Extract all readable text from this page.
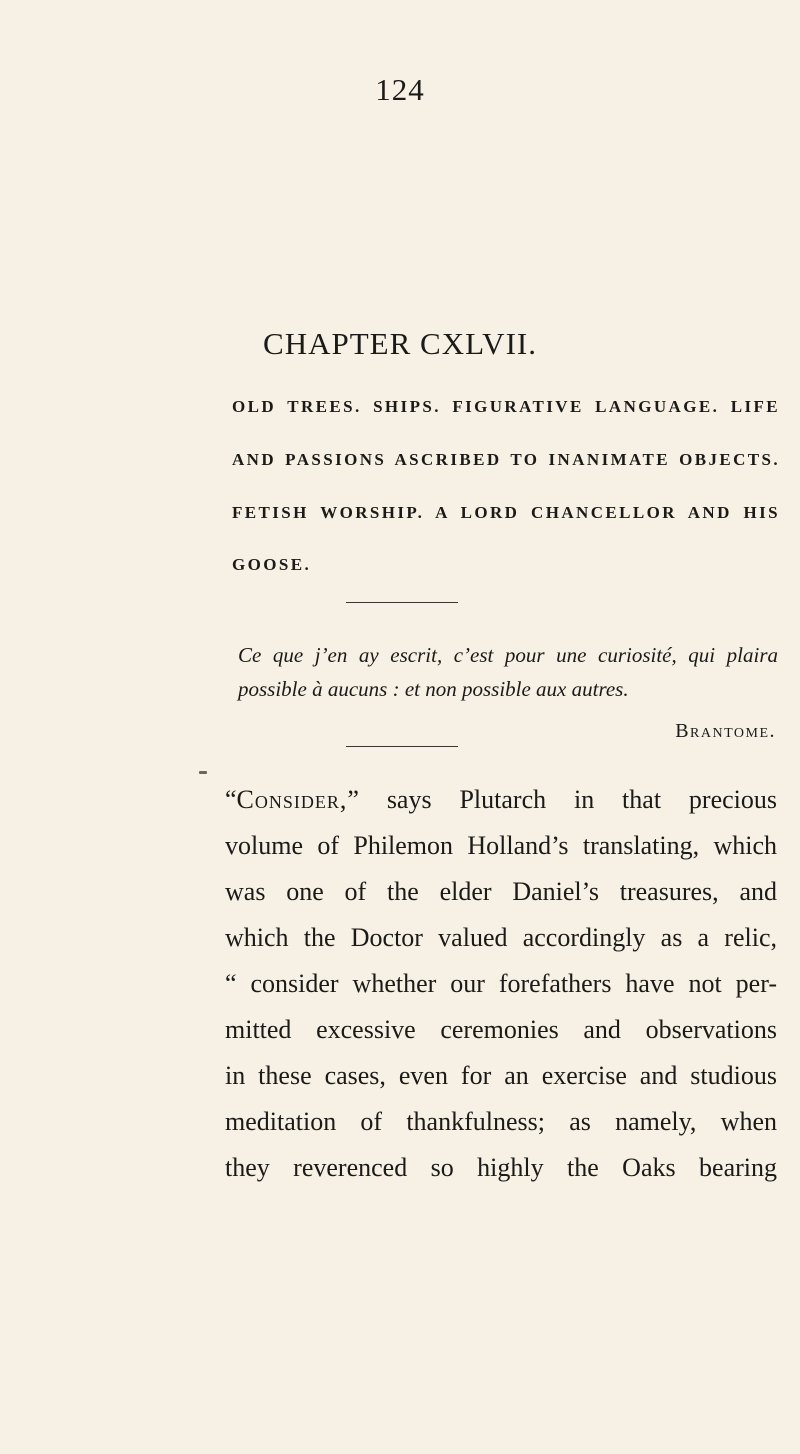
124
CHAPTER CXLVII.
OLD TREES. SHIPS. FIGURATIVE LANGUAGE. LIFE
AND PASSIONS ASCRIBED TO INANIMATE OBJECTS.
FETISH WORSHIP. A LORD CHANCELLOR AND HIS
GOOSE.
Ce que j’en ay escrit, c’est pour une curiosité, qui plaira
possible à aucuns : et non possible aux autres.
Brantome.
“Consider,” says Plutarch in that precious
volume of Philemon Holland’s translating, which
was one of the elder Daniel’s treasures, and
which the Doctor valued accordingly as a relic,
“ consider whether our forefathers have not per-
mitted excessive ceremonies and observations
in these cases, even for an exercise and studious
meditation of thankfulness; as namely, when
they reverenced so highly the Oaks bearing
